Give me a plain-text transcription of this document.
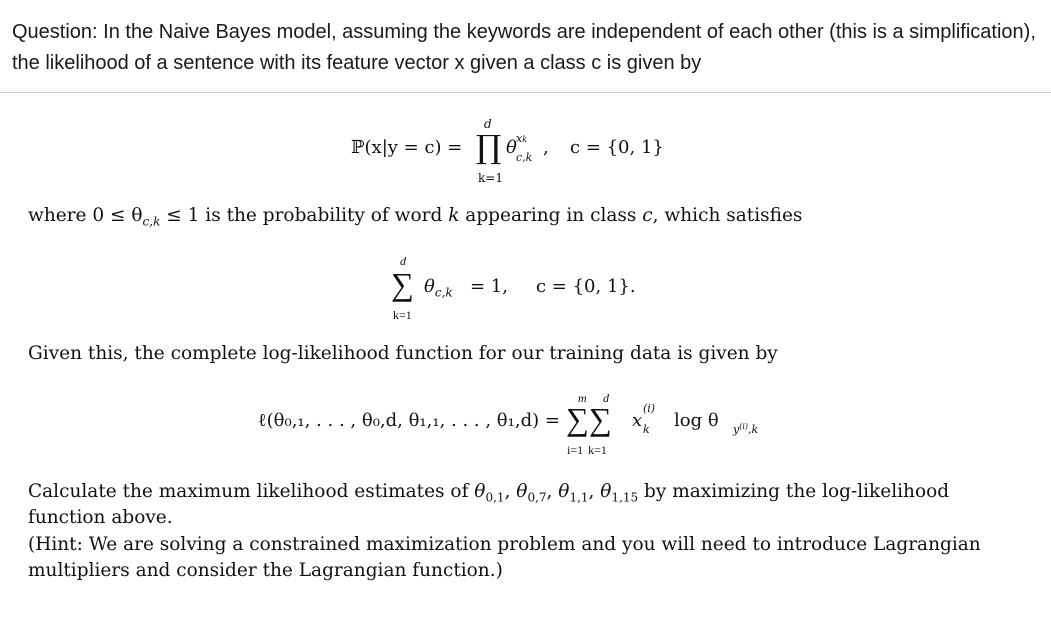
Question: In the Naive Bayes model, assuming the keywords are independent of each other (this is a simplification), the likelihood of a sentence with its feature vector x given a class c is given by

ℙ(x|y = c) =
d
∏
k=1
θ xk
c,k , c = {0, 1}

where $0 \le \theta_{c,k} \le 1$ is the probability of word k appearing in class c, which satisfies

d
∑
k=1
$\theta_{c,k} = 1$, c = {0, 1}.

Given this, the complete log-likelihood function for our training data is given by

ℓ(θ₀,₁, . . . , θ₀,d, θ₁,₁, . . . , θ₁,d) =
m d
∑∑
i=1 k=1
x
(i)
k log θ $y^{(i)},k$

Calculate the maximum likelihood estimates of $\theta_{0,1}$, $\theta_{0,7}$, $\theta_{1,1}$, $\theta_{1,15}$ by maximizing the log-likelihood
function above.

(Hint: We are solving a constrained maximization problem and you will need to introduce Lagrangian multipliers and consider the Lagrangian function.)
